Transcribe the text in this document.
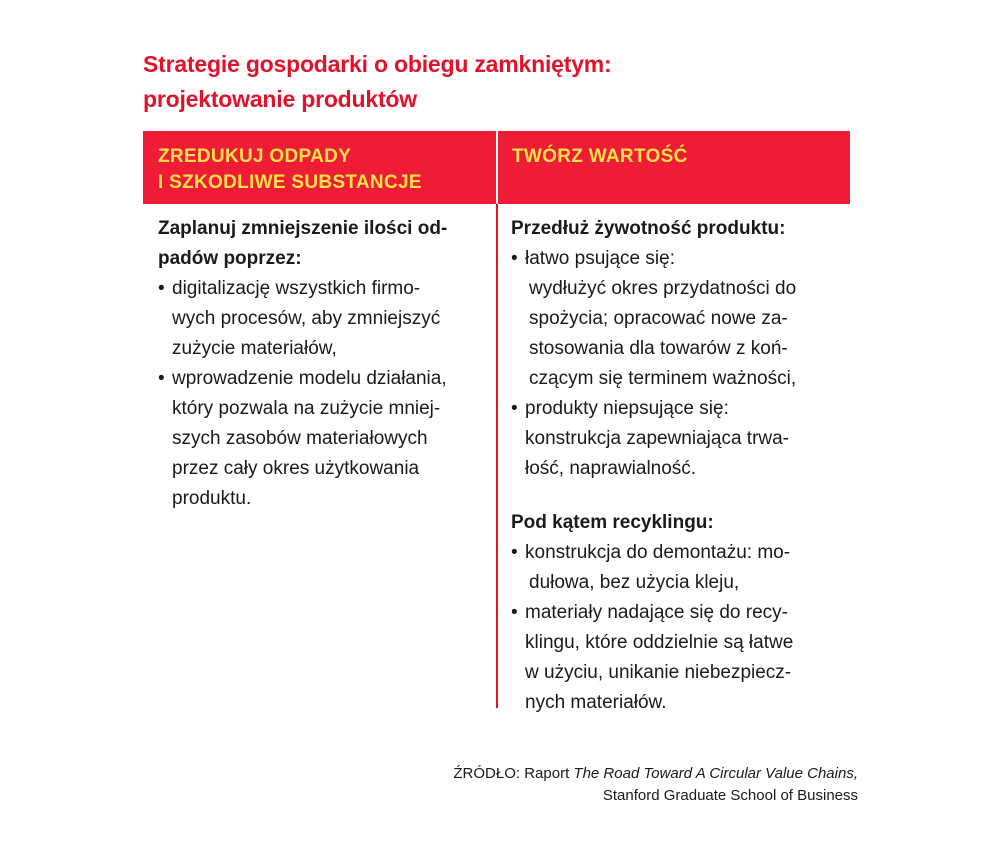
Strategie gospodarki o obiegu zamkniętym:
projektowanie produktów
ZREDUKUJ ODPADY
I SZKODLIWE SUBSTANCJE
TWÓRZ WARTOŚĆ
Zaplanuj zmniejszenie ilości od-
padów poprzez:
• digitalizację wszystkich firmo-
wych procesów, aby zmniejszyć
zużycie materiałów,
• wprowadzenie modelu działania,
który pozwala na zużycie mniej-
szych zasobów materiałowych
przez cały okres użytkowania
produktu.
Przedłuż żywotność produktu:
• łatwo psujące się:
wydłużyć okres przydatności do
spożycia; opracować nowe za-
stosowania dla towarów z koń-
czącym się terminem ważności,
• produkty niepsujące się:
konstrukcja zapewniająca trwa-
łość, naprawialność.
Pod kątem recyklingu:
• konstrukcja do demontażu: mo-
dułowa, bez użycia kleju,
• materiały nadające się do recy-
klingu, które oddzielnie są łatwe
w użyciu, unikanie niebezpiecz-
nych materiałów.
ŹRÓDŁO: Raport The Road Toward A Circular Value Chains,
Stanford Graduate School of Business
